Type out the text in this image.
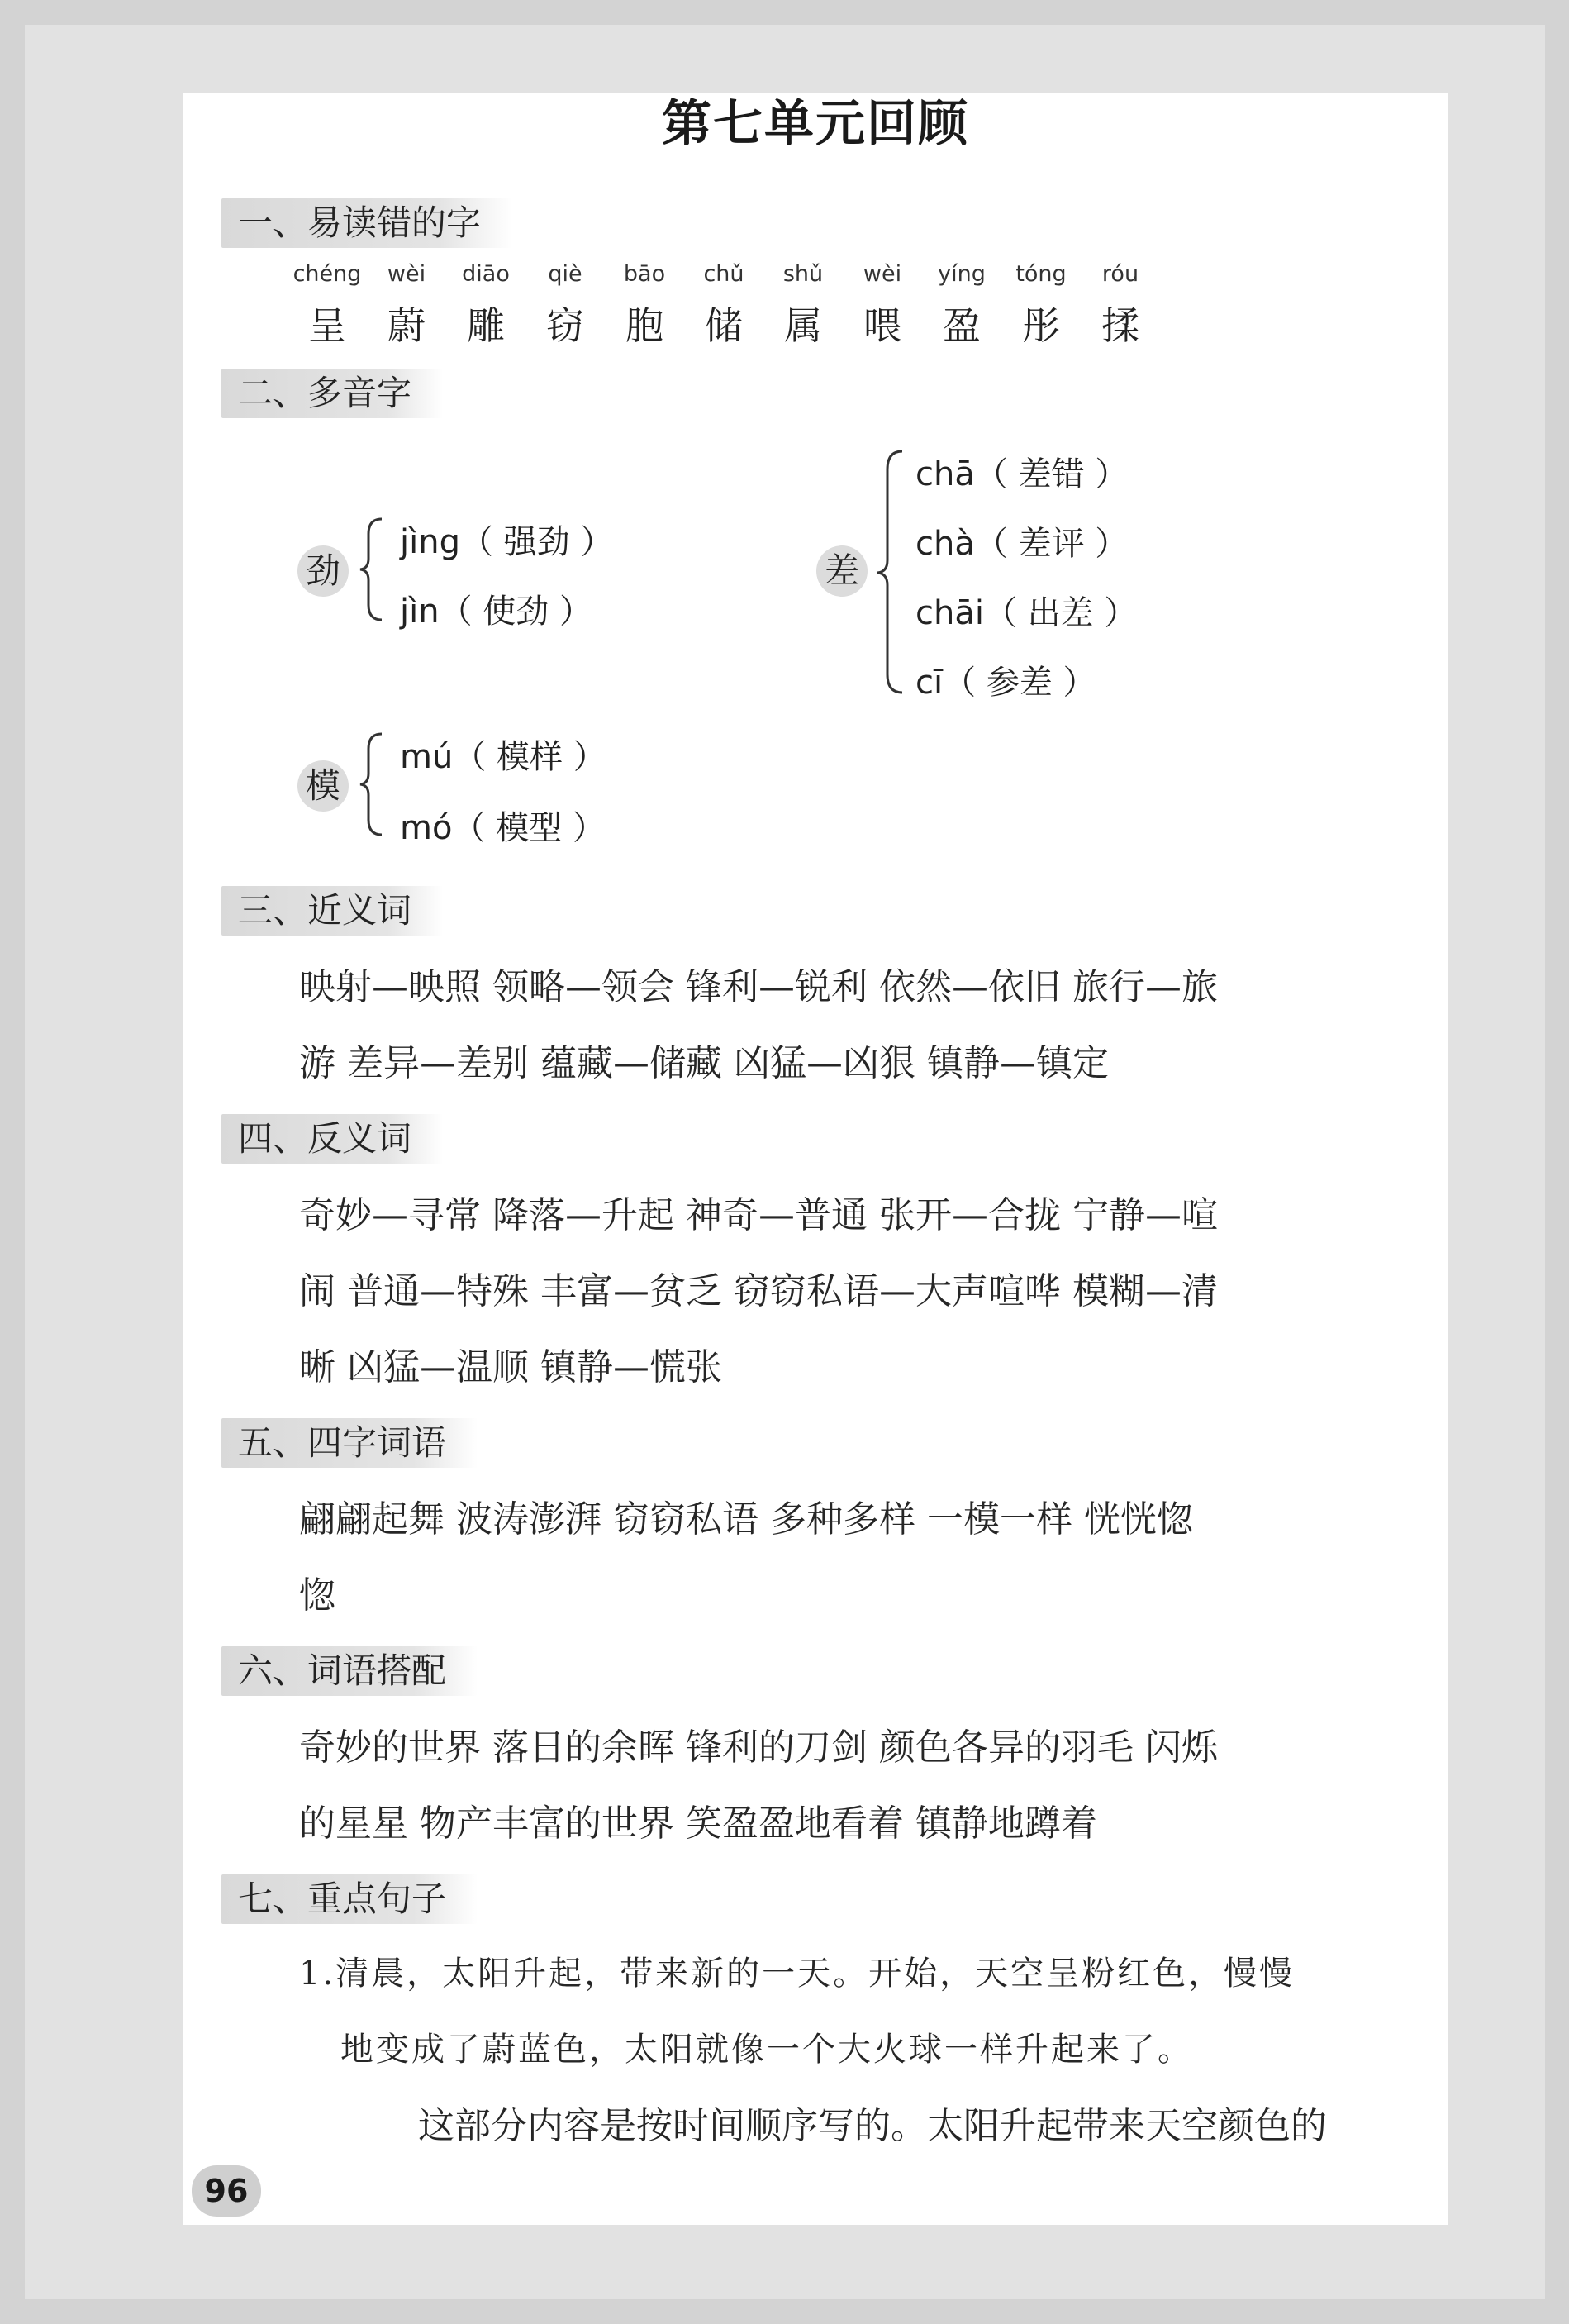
第七单元回顾
一、易读错的字
chéng
呈
wèi
蔚
diāo
雕
qiè
窃
bāo
胞
chǔ
储
shǔ
属
wèi
喂
yíng
盈
tóng
彤
róu
揉
二、多音字
劲
jìng（ 强劲 ）
jìn（ 使劲 ）
差
chā（ 差错 ）
chà（ 差评 ）
chāi（ 出差 ）
cī（ 参差 ）
模
mú（ 模样 ）
mó（ 模型 ）
三、近义词
映射—映照 领略—领会 锋利—锐利 依然—依旧 旅行—旅
游 差异—差别 蕴藏—储藏 凶猛—凶狠 镇静—镇定
四、反义词
奇妙—寻常 降落—升起 神奇—普通 张开—合拢 宁静—喧
闹 普通—特殊 丰富—贫乏 窃窃私语—大声喧哗 模糊—清
晰 凶猛—温顺 镇静—慌张
五、四字词语
翩翩起舞 波涛澎湃 窃窃私语 多种多样 一模一样 恍恍惚
惚
六、词语搭配
奇妙的世界 落日的余晖 锋利的刀剑 颜色各异的羽毛 闪烁
的星星 物产丰富的世界 笑盈盈地看着 镇静地蹲着
七、重点句子
1.清晨，太阳升起，带来新的一天。开始，天空呈粉红色，慢慢
地变成了蔚蓝色，太阳就像一个大火球一样升起来了。
这部分内容是按时间顺序写的。太阳升起带来天空颜色的
96
